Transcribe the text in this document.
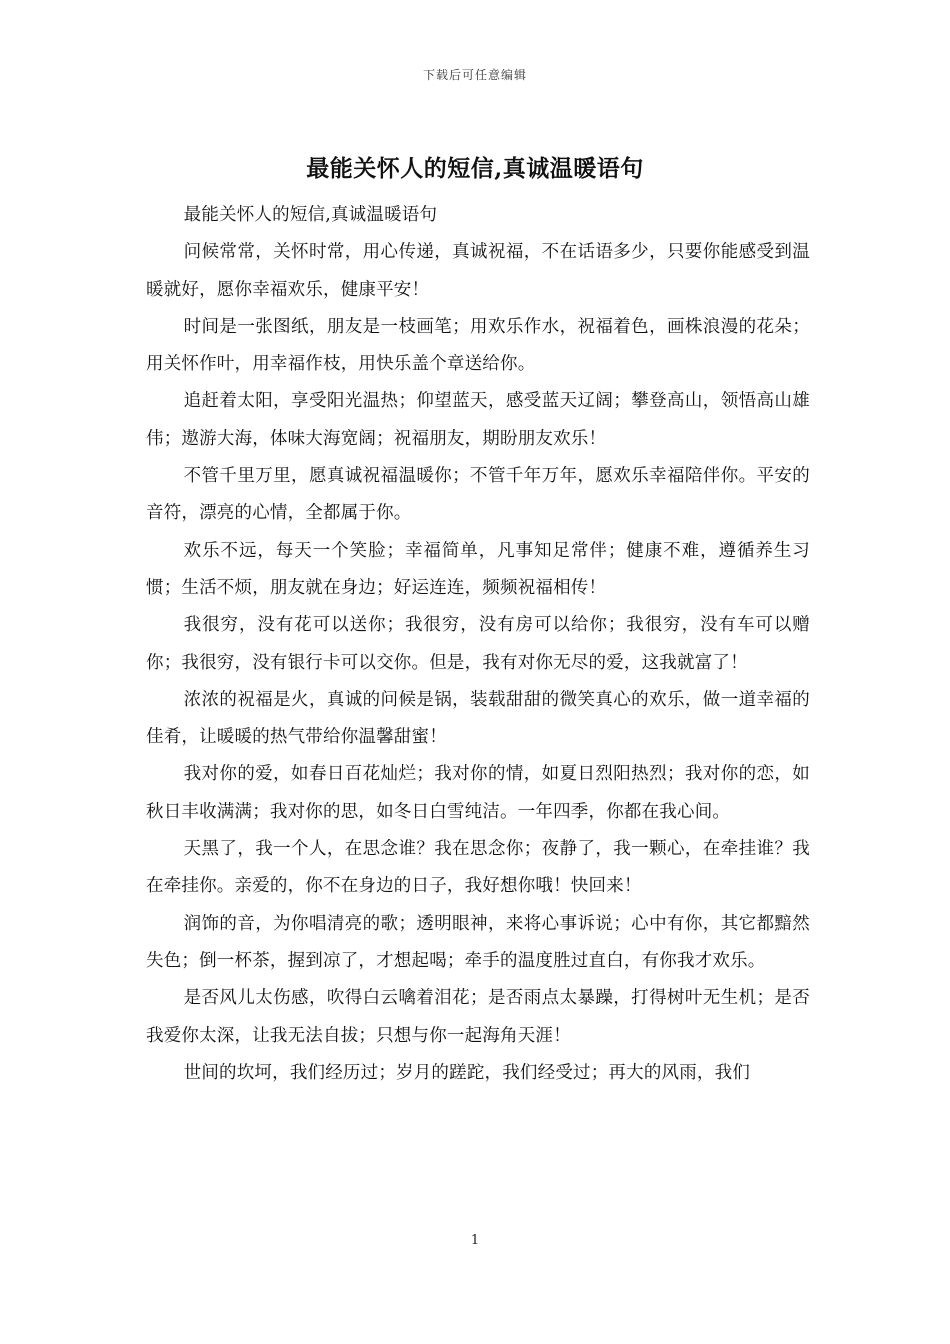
下载后可任意编辑
最能关怀人的短信,真诚温暖语句

最能关怀人的短信,真诚温暖语句

问候常常，关怀时常，用心传递，真诚祝福，不在话语多少，只要你能感受到温暖就好，愿你幸福欢乐，健康平安！

时间是一张图纸，朋友是一枝画笔；用欢乐作水，祝福着色，画株浪漫的花朵；用关怀作叶，用幸福作枝，用快乐盖个章送给你。

追赶着太阳，享受阳光温热；仰望蓝天，感受蓝天辽阔；攀登高山，领悟高山雄伟；遨游大海，体味大海宽阔；祝福朋友，期盼朋友欢乐！

不管千里万里，愿真诚祝福温暖你；不管千年万年，愿欢乐幸福陪伴你。平安的音符，漂亮的心情，全都属于你。

欢乐不远，每天一个笑脸；幸福简单，凡事知足常伴；健康不难，遵循养生习惯；生活不烦，朋友就在身边；好运连连，频频祝福相传！

我很穷，没有花可以送你；我很穷，没有房可以给你；我很穷，没有车可以赠你；我很穷，没有银行卡可以交你。但是，我有对你无尽的爱，这我就富了！

浓浓的祝福是火，真诚的问候是锅，装载甜甜的微笑真心的欢乐，做一道幸福的佳肴，让暖暖的热气带给你温馨甜蜜！

我对你的爱，如春日百花灿烂；我对你的情，如夏日烈阳热烈；我对你的恋，如秋日丰收满满；我对你的思，如冬日白雪纯洁。一年四季，你都在我心间。

天黑了，我一个人，在思念谁？我在思念你；夜静了，我一颗心，在牵挂谁？我在牵挂你。亲爱的，你不在身边的日子，我好想你哦！快回来！

润饰的音，为你唱清亮的歌；透明眼神，来将心事诉说；心中有你，其它都黯然失色；倒一杯茶，握到凉了，才想起喝；牵手的温度胜过直白，有你我才欢乐。

是否风儿太伤感，吹得白云噙着泪花；是否雨点太暴躁，打得树叶无生机；是否我爱你太深，让我无法自拔；只想与你一起海角天涯！

世间的坎坷，我们经历过；岁月的蹉跎，我们经受过；再大的风雨，我们

1
